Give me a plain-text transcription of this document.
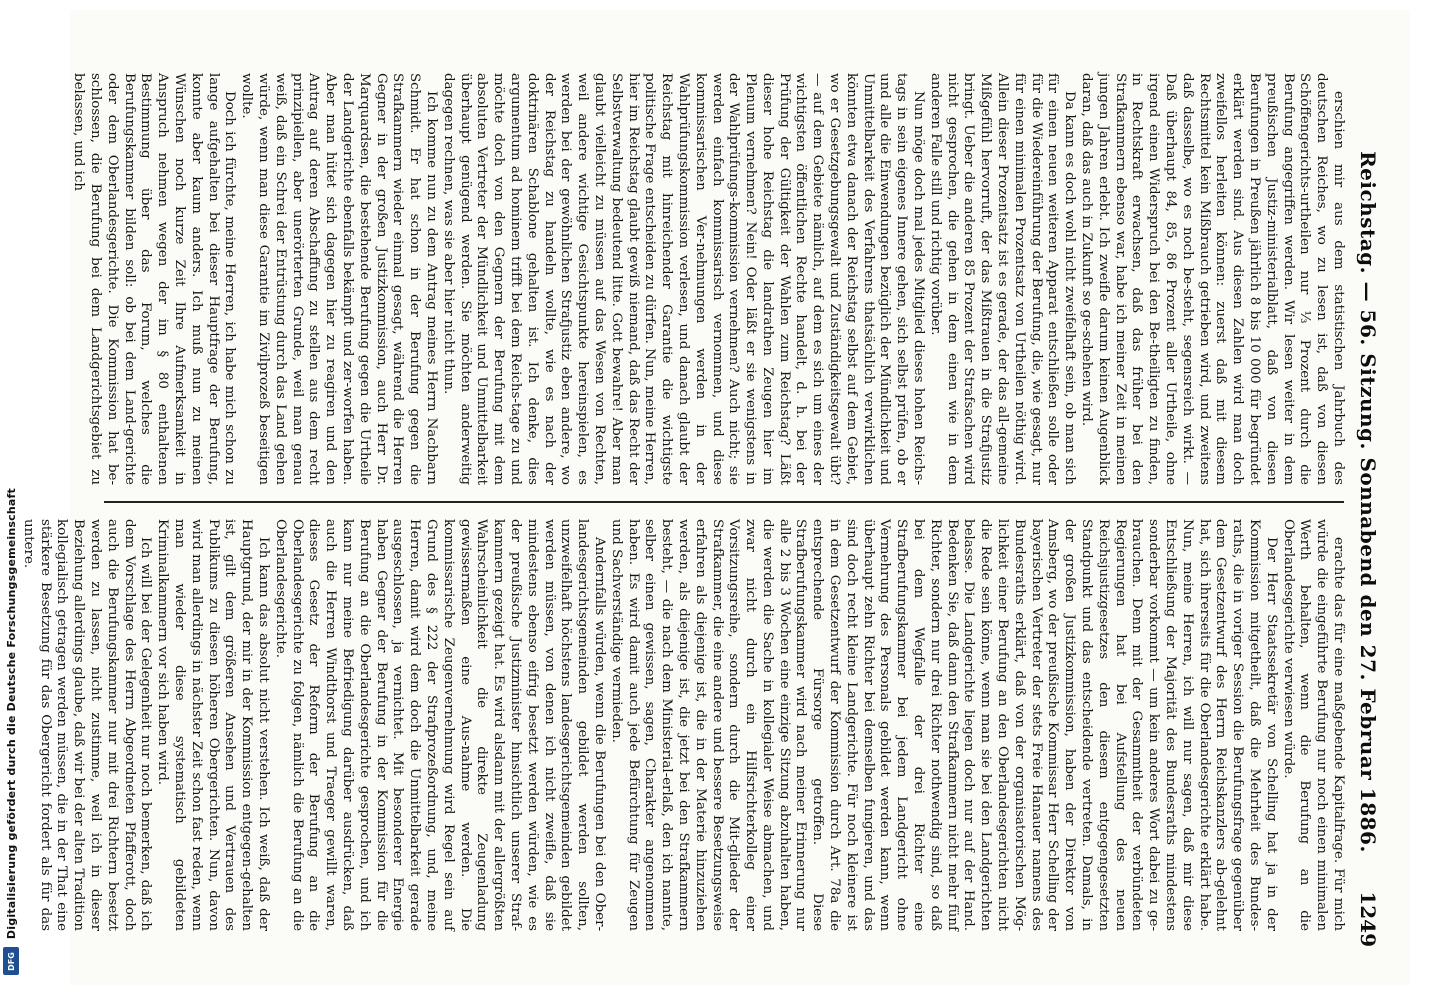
Digitalisierung gefördert durch die Deutsche Forschungsgemeinschaft
DFG
Reichstag. — 56. Sitzung. Sonnabend den 27. Februar 1886.
1249

erschien mir aus dem statistischen Jahrbuch des deutschen Reiches, wo zu lesen ist, daß von diesen Schöffengerichts-urtheilen nur ⅓ Prozent durch die Berufung angegriffen werden. Wir lesen weiter in dem preußischen Justiz-ministerialblatt, daß von diesen Berufungen in Preußen jährlich 8 bis 10 000 für begründet erklärt werden sind. Aus diesen Zahlen wird man doch zweifellos herleiten können: zuerst daß mit diesem Rechtsmittel kein Mißbrauch getrieben wird, und zweitens daß dasselbe, wo es noch be-steht, segensreich wirkt. — Daß überhaupt 84, 85, 86 Prozent aller Urtheile, ohne irgend einen Widerspruch bei den Be-theiligten zu finden, in Rechtskraft erwachsen, daß das früher bei den Strafkammern ebenso war, habe ich meiner Zeit in meinen jungen Jahren erlebt. Ich zweifle darum keinen Augenblick daran, daß das auch in Zukunft so ge-schehen wird.

Da kann es doch wohl nicht zweifelhaft sein, ob man sich für einen neuen weiteren Apparat entschließen solle oder für die Wiedereinführung der Berufung, die, wie gesagt, nur für einen minimalen Prozentsatz von Urtheilen nöthig wird. Allein dieser Prozentsatz ist es gerade, der das all-gemeine Mißgefühl hervorruft, der das Mißtrauen in die Strafjustiz bringt. Ueber die anderen 85 Prozent der Strafsachen wird nicht gesprochen, die gehen in dem einen wie in dem anderen Falle still und richtig vorüber.

Nun möge doch mal jedes Mitglied dieses hohen Reichs-tags in sein eigenes Innere gehen, sich selbst prüfen, ob er und alle die Einwendungen bezüglich der Mündlichkeit und Unmittelbarkeit des Verfahrens thatsächlich verwirklichen könnten etwa danach der Reichstag selbst auf dem Gebiet, wo er Gesetzgebungsgewalt und Zuständigkeitsgewalt übt? — auf dem Gebiete nämlich, auf dem es sich um eines der wichtigsten öffentlichen Rechte handelt, d. h. bei der Prüfung der Gültigkeit der Wahlen zum Reichstag? Läßt dieser hohe Reichstag die landrathen Zeugen hier im Plenum vernehmen? Nein! Oder läßt er sie wenigstens in der Wahlprüfungs-kommission vernehmen? Auch nicht; sie werden einfach kommissarisch vernommen, und diese kommissarischen Ver-nehmungen werden in der Wahlprüfungskommission verlesen, und danach glaubt der Reichstag mit hinreichender Garantie die wichtigste politische Frage entscheiden zu dürfen. Nun, meine Herren, hier im Reichstag glaubt gewiß niemand, daß das Recht der Selbstverwaltung bedeutend litte. Gott bewahre! Aber man glaubt vielleicht zu müssen auf das Wesen von Rechten, weil andere wichtige Gesichtspunkte hereinspielen, es werden bei der gewöhnlichen Strafjustiz eben andere, wo der Reichstag zu handeln wollte, wie es nach der doktrinären Schablone gehalten ist. Ich denke, dies argumentum ad hominem trifft bei dem Reichs-tage zu und möchte doch von den Gegnern der Berufung mit dem absoluten Vertreter der Mündlichkeit und Unmittelbarkeit überhaupt genügend werden. Sie möchten anderweitig dagegen rechnen, was sie aber hier nicht thun.

Ich komme nun zu dem Antrag meines Herrn Nachbarn Schmidt. Er hat schon in der Berufung gegen die Strafkammern wieder einmal gesagt, während die Herren Gegner in der großen Justizkommission, auch Herr Dr. Marquardsen, die bestehende Berufung gegen die Urtheile der Landgerichte ebenfalls bekämpft und zer-worfen haben. Aber man hütet sich dagegen hier zu reagiren und den Antrag auf deren Abschaffung zu stellen aus dem recht prinzipiellen, aber unerörterten Grunde, weil man genau weiß, daß ein Schrei der Entrüstung durch das Land gehen würde, wenn man diese Garantie im Zivilprozeß beseitigen wollte.

Doch ich fürchte, meine Herren, ich habe mich schon zu lange aufgehalten bei dieser Hauptfrage der Berufung, konnte aber kaum anders. Ich muß nun zu meinen Wünschen noch kurze Zeit Ihre Aufmerksamkeit in Anspruch nehmen wegen der im § 80 enthaltenen Bestimmung über das Forum, welches die Berufungskammer bilden soll: ob bei dem Land-gerichte oder dem Oberlandesgerichte. Die Kommission hat be-schlossen, die Berufung bei dem Landgerichtsgebiet zu belassen, und ich

erachte das für eine maßgebende Kapitalfrage. Für mich würde die eingeführte Berufung nur noch einen minimalen Werth behalten, wenn die Berufung an die Oberlandesgerichte verwiesen würde.

Der Herr Staatssekretär von Schelling hat ja in der Kommission mitgetheilt, daß die Mehrheit des Bundes-raths, die in voriger Session die Berufungsfrage gegenüber dem Gesetzentwurf des Herrn Reichskanzlers ab-gelehnt hat, sich ihrerseits für die Oberlandesgerichte erklärt habe. Nun, meine Herren, ich will nur sagen, daß mir diese Entschließung der Majorität des Bundesraths mindestens sonderbar vorkommt — um kein anderes Wort dabei zu ge-brauchen. Denn mit der Gesammtheit der verbündeten Regierungen hat bei Aufstellung des neuen Reichsjustizgesetzes den diesem entgegengesetzten Standpunkt und das entscheidende vertreten. Damals, in der großen Justizkommission, haben der Direktor von Amsberg, wo der preußische Kommissar Herr Schelling der bayerischen Vertreter der stets Freie Hanauer namens des Bundesraths erklärt, daß von der organisatorischen Mög-lichkeit einer Berufung an den Oberlandesgerichten nicht die Rede sein könne, wenn man sie bei den Landgerichten belasse. Die Landgerichte liegen doch nur auf der Hand. Bedenken Sie, daß dann den Strafkammern nicht mehr fünf Richter, sondern nur drei Richter nothwendig sind, so daß bei dem Wegfalle der drei Richter eine Strafberufungskammer bei jedem Landgericht ohne Vermehrung des Personals gebildet werden kann, wenn überhaupt zehn Richter bei demselben fungieren, und das sind doch recht kleine Landgerichte. Für noch kleinere ist in dem Gesetzentwurf der Kommission durch Art. 78a die entsprechende Fürsorge getroffen. Diese Strafberufungskammer wird nach meiner Erinnerung nur alle 2 bis 3 Wochen eine einzige Sitzung abzuhalten haben, die werden die Sache in kollegialer Weise abmachen, und zwar nicht durch ein Hilfsrichterkolleg einer Vorsitzungsreihe, sondern durch die Mit-glieder der Strafkammer, die eine andere und bessere Besetzungsweise erfahren als diejenige ist, die in der Materie hinzuziehen werden, als diejenige ist, die jetzt bei den Strafkammern besteht, — die nach dem Ministerial-erlaß, den ich nannte, selber einen gewissen, sagen, Charakter angenommen haben. Es wird damit auch jede Befürchtung für Zeugen und Sachverständige vermieden.

Andernfalls würden, wenn die Berufungen bei den Ober-landesgerichtsgemeinden gebildet werden sollten, unzweifelhaft höchstens landesgerichtsgemeinden gebildet werden müssen, von denen ich nicht zweifle, daß sie mindestens ebenso eifrig besetzt werden würden, wie es der preußische Justizminister hinsichtlich unserer Straf-kammern gezeigt hat. Es wird alsdann mit der allergrößten Wahrscheinlichkeit die direkte Zeugenladung gewissermaßen eine Aus-nahme werden. Die kommissarische Zeugenvernehmung wird Regel sein auf Grund des § 222 der Strafprozeßordnung, und, meine Herren, damit wird dem doch die Unmittelbarkeit gerade ausgeschlossen, ja vernichtet. Mit besonderer Energie haben Gegner der Berufung in der Kommission für die Berufung an die Oberlandesgerichte gesprochen, und ich kann nur meine Befriedigung darüber ausdrücken, daß auch die Herren Windthorst und Traeger gewillt waren, dieses Gesetz der Reform der Berufung an die Oberlandesgerichte zu folgen, nämlich die Berufung an die Oberlandesgerichte.

Ich kann das absolut nicht verstehen. Ich weiß, daß der Hauptgrund, der mir in der Kommission entgegen-gehalten ist, gilt dem größeren Ansehen und Vertrauen des Publikums zu diesen höheren Obergerichten. Nun, davon wird man allerdings in nächster Zeit schon fast reden, wenn man wieder diese systematisch gebildeten Kriminalkammern vor sich haben wird.

Ich will bei der Gelegenheit nur noch bemerken, daß ich dem Vorschlage des Herrn Abgeordneten Pfafferott, doch auch die Berufungskammer nur mit drei Richtern besetzt werden zu lassen, nicht zustimme, weil ich in dieser Beziehung allerdings glaube, daß wir bei der alten Tradition kollegialisch getragen werden müssen, die in der That eine stärkere Besetzung für das Obergericht fordert als für das untere.
